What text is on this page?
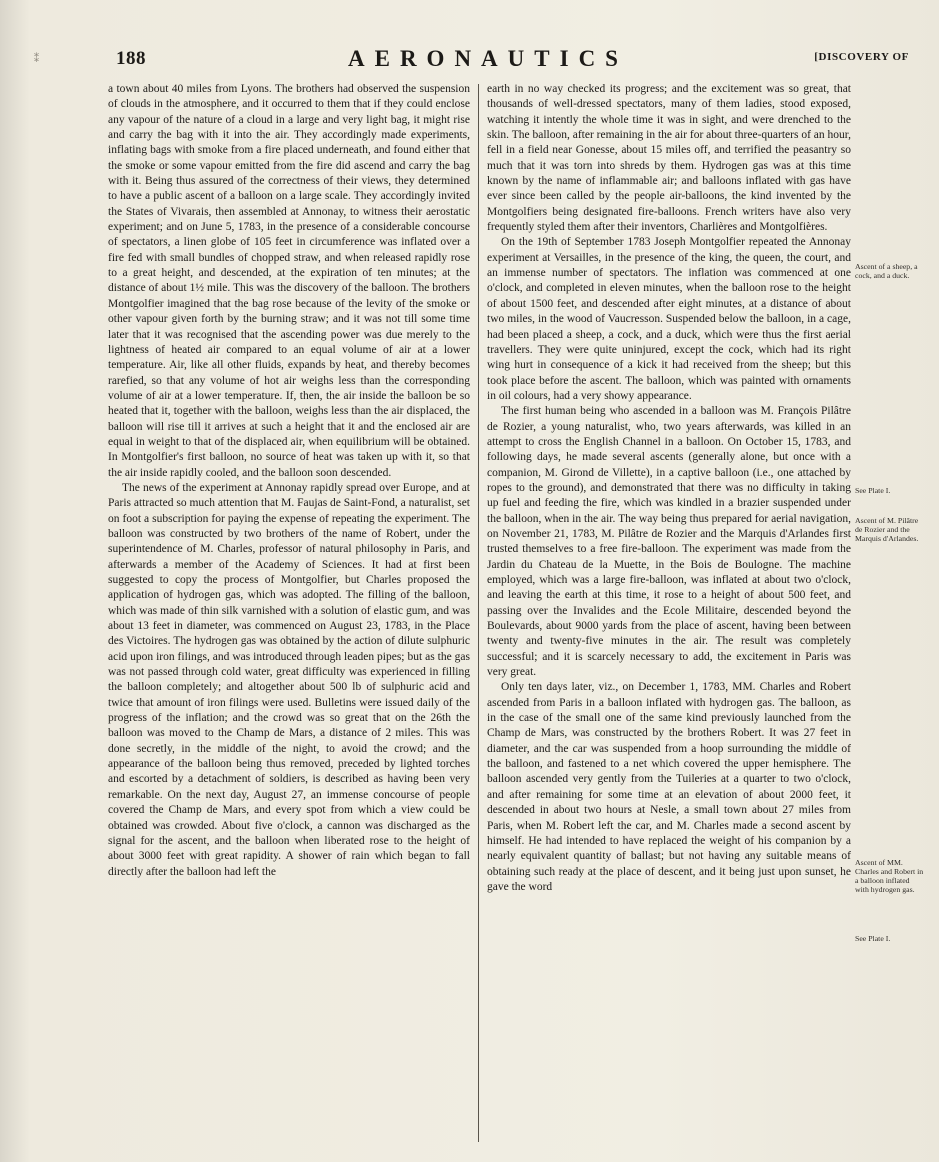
⁑	188	AERONAUTICS	[DISCOVERY OF

a town about 40 miles from Lyons. The brothers had observed the suspension of clouds in the atmosphere, and it occurred to them that if they could enclose any vapour of the nature of a cloud in a large and very light bag, it might rise and carry the bag with it into the air. They accordingly made experiments, inflating bags with smoke from a fire placed underneath, and found either that the smoke or some vapour emitted from the fire did ascend and carry the bag with it. Being thus assured of the correctness of their views, they determined to have a public ascent of a balloon on a large scale. They accordingly invited the States of Vivarais, then assembled at Annonay, to witness their aerostatic experiment; and on June 5, 1783, in the presence of a considerable concourse of spectators, a linen globe of 105 feet in circumference was inflated over a fire fed with small bundles of chopped straw, and when released rapidly rose to a great height, and descended, at the expiration of ten minutes; at the distance of about 1½ mile. This was the discovery of the balloon. The brothers Montgolfier imagined that the bag rose because of the levity of the smoke or other vapour given forth by the burning straw; and it was not till some time later that it was recognised that the ascending power was due merely to the lightness of heated air compared to an equal volume of air at a lower temperature. Air, like all other fluids, expands by heat, and thereby becomes rarefied, so that any volume of hot air weighs less than the corresponding volume of air at a lower temperature. If, then, the air inside the balloon be so heated that it, together with the balloon, weighs less than the air displaced, the balloon will rise till it arrives at such a height that it and the enclosed air are equal in weight to that of the displaced air, when equilibrium will be obtained. In Montgolfier's first balloon, no source of heat was taken up with it, so that the air inside rapidly cooled, and the balloon soon descended.

The news of the experiment at Annonay rapidly spread over Europe, and at Paris attracted so much attention that M. Faujas de Saint-Fond, a naturalist, set on foot a subscription for paying the expense of repeating the experiment. The balloon was constructed by two brothers of the name of Robert, under the superintendence of M. Charles, professor of natural philosophy in Paris, and afterwards a member of the Academy of Sciences. It had at first been suggested to copy the process of Montgolfier, but Charles proposed the application of hydrogen gas, which was adopted. The filling of the balloon, which was made of thin silk varnished with a solution of elastic gum, and was about 13 feet in diameter, was commenced on August 23, 1783, in the Place des Victoires. The hydrogen gas was obtained by the action of dilute sulphuric acid upon iron filings, and was introduced through leaden pipes; but as the gas was not passed through cold water, great difficulty was experienced in filling the balloon completely; and altogether about 500 lb of sulphuric acid and twice that amount of iron filings were used. Bulletins were issued daily of the progress of the inflation; and the crowd was so great that on the 26th the balloon was moved to the Champ de Mars, a distance of 2 miles. This was done secretly, in the middle of the night, to avoid the crowd; and the appearance of the balloon being thus removed, preceded by lighted torches and escorted by a detachment of soldiers, is described as having been very remarkable. On the next day, August 27, an immense concourse of people covered the Champ de Mars, and every spot from which a view could be obtained was crowded. About five o'clock, a cannon was discharged as the signal for the ascent, and the balloon when liberated rose to the height of about 3000 feet with great rapidity. A shower of rain which began to fall directly after the balloon had left the

earth in no way checked its progress; and the excitement was so great, that thousands of well-dressed spectators, many of them ladies, stood exposed, watching it intently the whole time it was in sight, and were drenched to the skin. The balloon, after remaining in the air for about three-quarters of an hour, fell in a field near Gonesse, about 15 miles off, and terrified the peasantry so much that it was torn into shreds by them. Hydrogen gas was at this time known by the name of inflammable air; and balloons inflated with gas have ever since been called by the people air-balloons, the kind invented by the Montgolfiers being designated fire-balloons. French writers have also very frequently styled them after their inventors, Charlières and Montgolfières.

On the 19th of September 1783 Joseph Montgolfier repeated the Annonay experiment at Versailles, in the presence of the king, the queen, the court, and an immense number of spectators. The inflation was commenced at one o'clock, and completed in eleven minutes, when the balloon rose to the height of about 1500 feet, and descended after eight minutes, at a distance of about two miles, in the wood of Vaucresson. Suspended below the balloon, in a cage, had been placed a sheep, a cock, and a duck, which were thus the first aerial travellers. They were quite uninjured, except the cock, which had its right wing hurt in consequence of a kick it had received from the sheep; but this took place before the ascent. The balloon, which was painted with ornaments in oil colours, had a very showy appearance.

The first human being who ascended in a balloon was M. François Pilâtre de Rozier, a young naturalist, who, two years afterwards, was killed in an attempt to cross the English Channel in a balloon. On October 15, 1783, and following days, he made several ascents (generally alone, but once with a companion, M. Girond de Villette), in a captive balloon (i.e., one attached by ropes to the ground), and demonstrated that there was no difficulty in taking up fuel and feeding the fire, which was kindled in a brazier suspended under the balloon, when in the air. The way being thus prepared for aerial navigation, on November 21, 1783, M. Pilâtre de Rozier and the Marquis d'Arlandes first trusted themselves to a free fire-balloon. The experiment was made from the Jardin du Chateau de la Muette, in the Bois de Boulogne. The machine employed, which was a large fire-balloon, was inflated at about two o'clock, and leaving the earth at this time, it rose to a height of about 500 feet, and passing over the Invalides and the Ecole Militaire, descended beyond the Boulevards, about 9000 yards from the place of ascent, having been between twenty and twenty-five minutes in the air. The result was completely successful; and it is scarcely necessary to add, the excitement in Paris was very great.

Only ten days later, viz., on December 1, 1783, MM. Charles and Robert ascended from Paris in a balloon inflated with hydrogen gas. The balloon, as in the case of the small one of the same kind previously launched from the Champ de Mars, was constructed by the brothers Robert. It was 27 feet in diameter, and the car was suspended from a hoop surrounding the middle of the balloon, and fastened to a net which covered the upper hemisphere. The balloon ascended very gently from the Tuileries at a quarter to two o'clock, and after remaining for some time at an elevation of about 2000 feet, it descended in about two hours at Nesle, a small town about 27 miles from Paris, when M. Robert left the car, and M. Charles made a second ascent by himself. He had intended to have replaced the weight of his companion by a nearly equivalent quantity of ballast; but not having any suitable means of obtaining such ready at the place of descent, and it being just upon sunset, he gave the word

Ascent of a sheep, a cock, and a duck.
See Plate I.
Ascent of M. Pilâtre de Rozier and the Marquis d'Arlandes.
Ascent of MM. Charles and Robert in a balloon inflated with hydrogen gas.
See Plate I.
